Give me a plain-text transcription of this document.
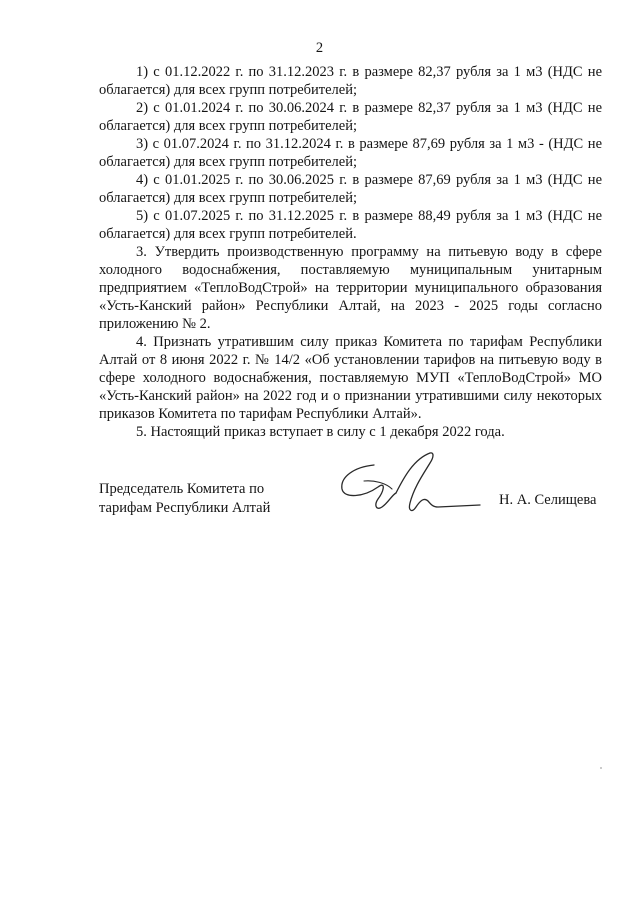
2

1) с 01.12.2022 г. по 31.12.2023 г. в размере 82,37 рубля за 1 м3 (НДС не облагается) для всех групп потребителей;

2) с 01.01.2024 г. по 30.06.2024 г. в размере 82,37 рубля за 1 м3 (НДС не облагается) для всех групп потребителей;

3) с 01.07.2024 г. по 31.12.2024 г. в размере 87,69 рубля за 1 м3 - (НДС не облагается) для всех групп потребителей;

4) с 01.01.2025 г. по 30.06.2025 г. в размере 87,69 рубля за 1 м3 (НДС не облагается) для всех групп потребителей;

5) с 01.07.2025 г. по 31.12.2025 г. в размере 88,49 рубля за 1 м3 (НДС не облагается) для всех групп потребителей.

3. Утвердить производственную программу на питьевую воду в сфере холодного водоснабжения, поставляемую муниципальным унитарным предприятием «ТеплоВодСтрой» на территории муниципального образования «Усть-Канский район» Республики Алтай, на 2023 - 2025 годы согласно приложению № 2.

4. Признать утратившим силу приказ Комитета по тарифам Республики Алтай от 8 июня 2022 г. № 14/2 «Об установлении тарифов на питьевую воду в сфере холодного водоснабжения, поставляемую МУП «ТеплоВодСтрой» МО «Усть-Канский район» на 2022 год и о признании утратившими силу некоторых приказов Комитета по тарифам Республики Алтай».

5. Настоящий приказ вступает в силу с 1 декабря 2022 года.

Председатель Комитета по
тарифам Республики Алтай	Н. А. Селищева
